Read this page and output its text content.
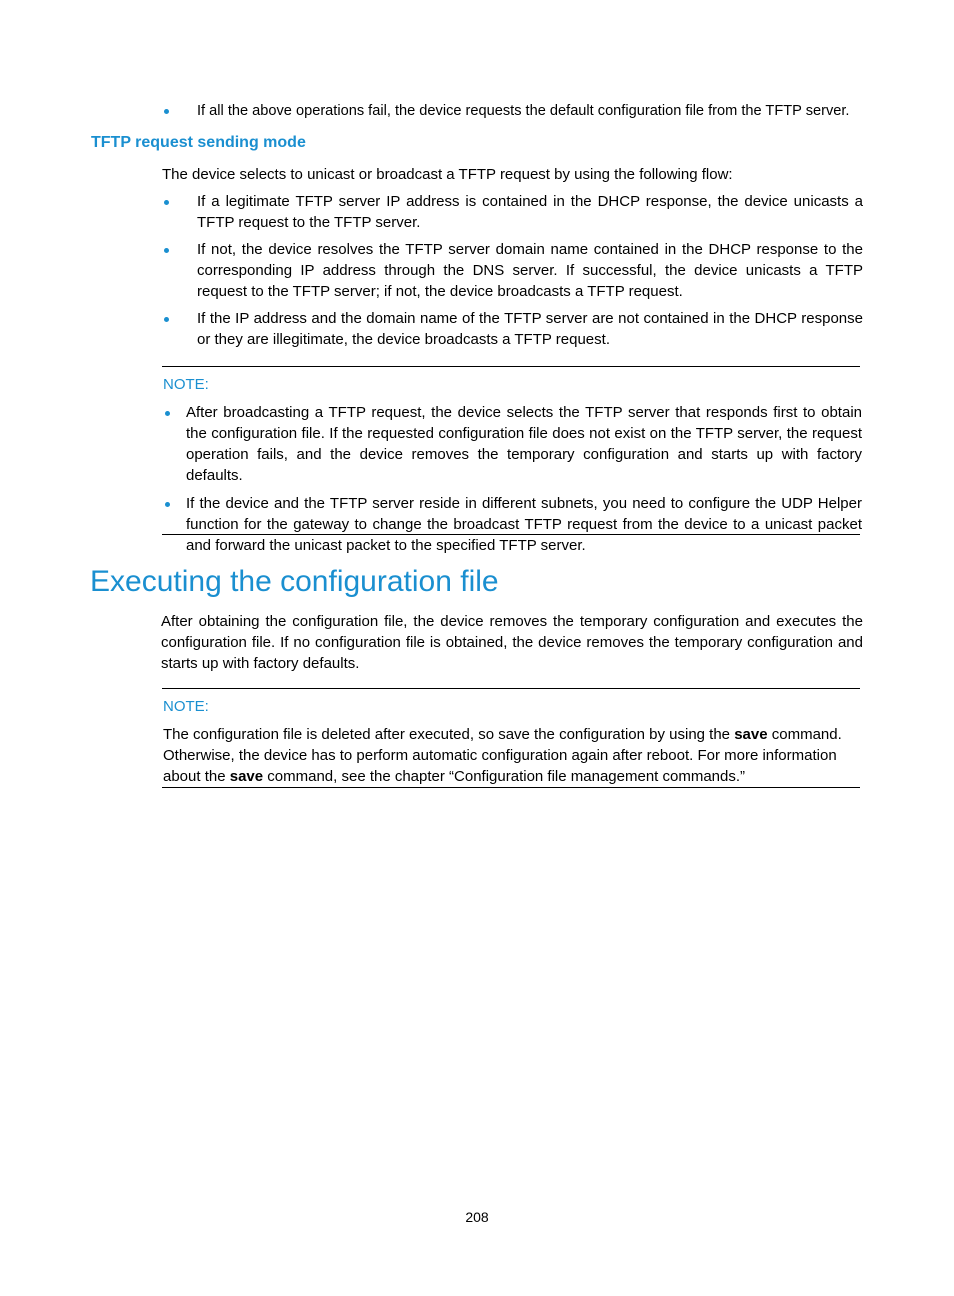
If all the above operations fail, the device requests the default configuration file from the TFTP server.
TFTP request sending mode

The device selects to unicast or broadcast a TFTP request by using the following flow:

If a legitimate TFTP server IP address is contained in the DHCP response, the device unicasts a TFTP request to the TFTP server.
If not, the device resolves the TFTP server domain name contained in the DHCP response to the corresponding IP address through the DNS server. If successful, the device unicasts a TFTP request to the TFTP server; if not, the device broadcasts a TFTP request.
If the IP address and the domain name of the TFTP server are not contained in the DHCP response or they are illegitimate, the device broadcasts a TFTP request.

NOTE:

After broadcasting a TFTP request, the device selects the TFTP server that responds first to obtain the configuration file. If the requested configuration file does not exist on the TFTP server, the request operation fails, and the device removes the temporary configuration and starts up with factory defaults.
If the device and the TFTP server reside in different subnets, you need to configure the UDP Helper function for the gateway to change the broadcast TFTP request from the device to a unicast packet and forward the unicast packet to the specified TFTP server.
Executing the configuration file

After obtaining the configuration file, the device removes the temporary configuration and executes the configuration file. If no configuration file is obtained, the device removes the temporary configuration and starts up with factory defaults.

NOTE:

The configuration file is deleted after executed, so save the configuration by using the save command. Otherwise, the device has to perform automatic configuration again after reboot. For more information about the save command, see the chapter “Configuration file management commands.”

208
